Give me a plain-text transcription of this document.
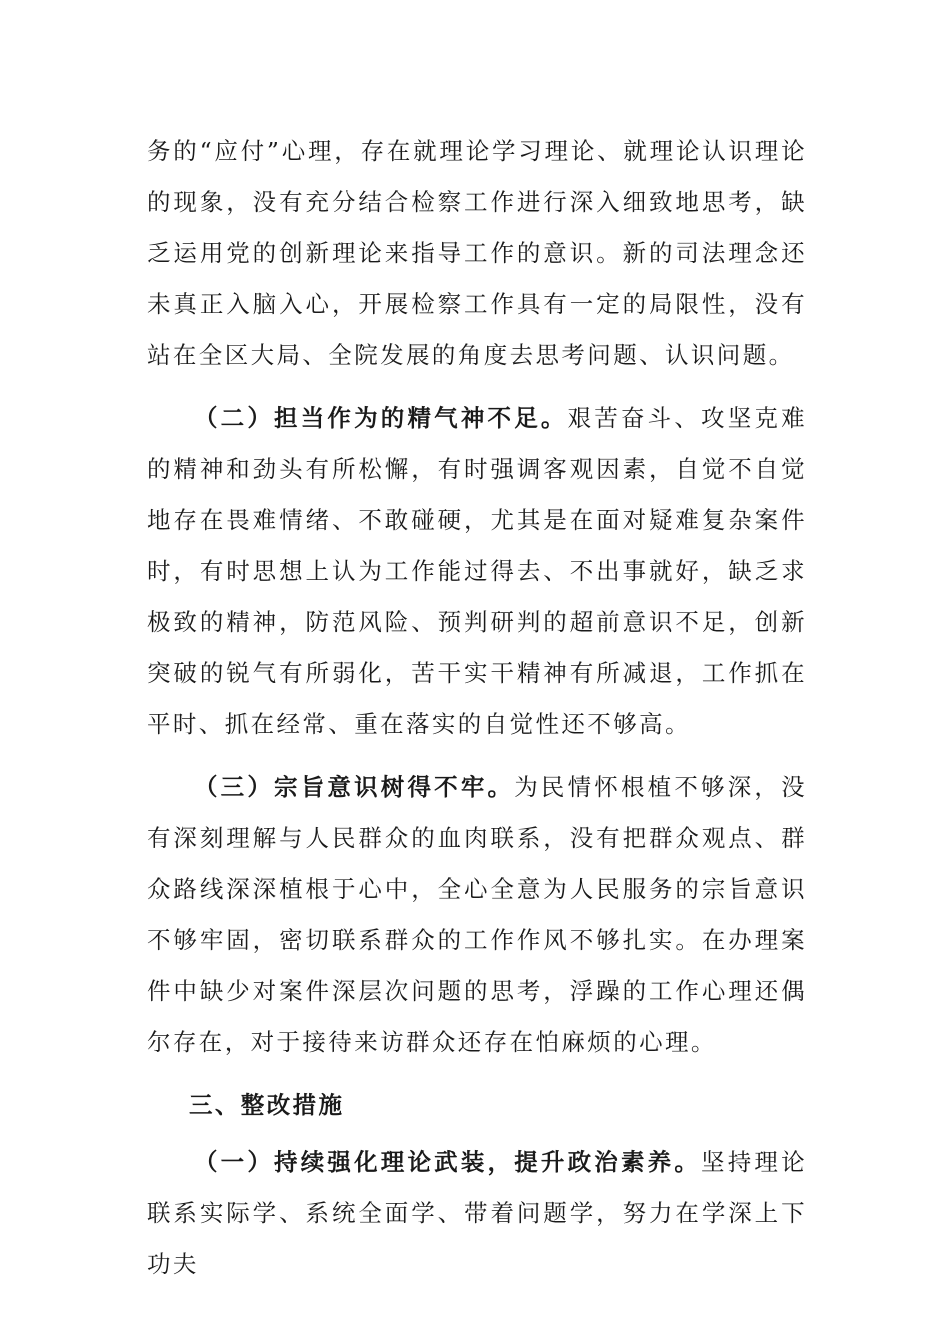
务的“应付”心理，存在就理论学习理论、就理论认识理论的现象，没有充分结合检察工作进行深入细致地思考，缺乏运用党的创新理论来指导工作的意识。新的司法理念还未真正入脑入心，开展检察工作具有一定的局限性，没有站在全区大局、全院发展的角度去思考问题、认识问题。

（二）担当作为的精气神不足。艰苦奋斗、攻坚克难的精神和劲头有所松懈，有时强调客观因素，自觉不自觉地存在畏难情绪、不敢碰硬，尤其是在面对疑难复杂案件时，有时思想上认为工作能过得去、不出事就好，缺乏求极致的精神，防范风险、预判研判的超前意识不足，创新突破的锐气有所弱化，苦干实干精神有所减退，工作抓在平时、抓在经常、重在落实的自觉性还不够高。

（三）宗旨意识树得不牢。为民情怀根植不够深，没有深刻理解与人民群众的血肉联系，没有把群众观点、群众路线深深植根于心中，全心全意为人民服务的宗旨意识不够牢固，密切联系群众的工作作风不够扎实。在办理案件中缺少对案件深层次问题的思考，浮躁的工作心理还偶尔存在，对于接待来访群众还存在怕麻烦的心理。

三、整改措施

（一）持续强化理论武装，提升政治素养。坚持理论联系实际学、系统全面学、带着问题学，努力在学深上下功夫
